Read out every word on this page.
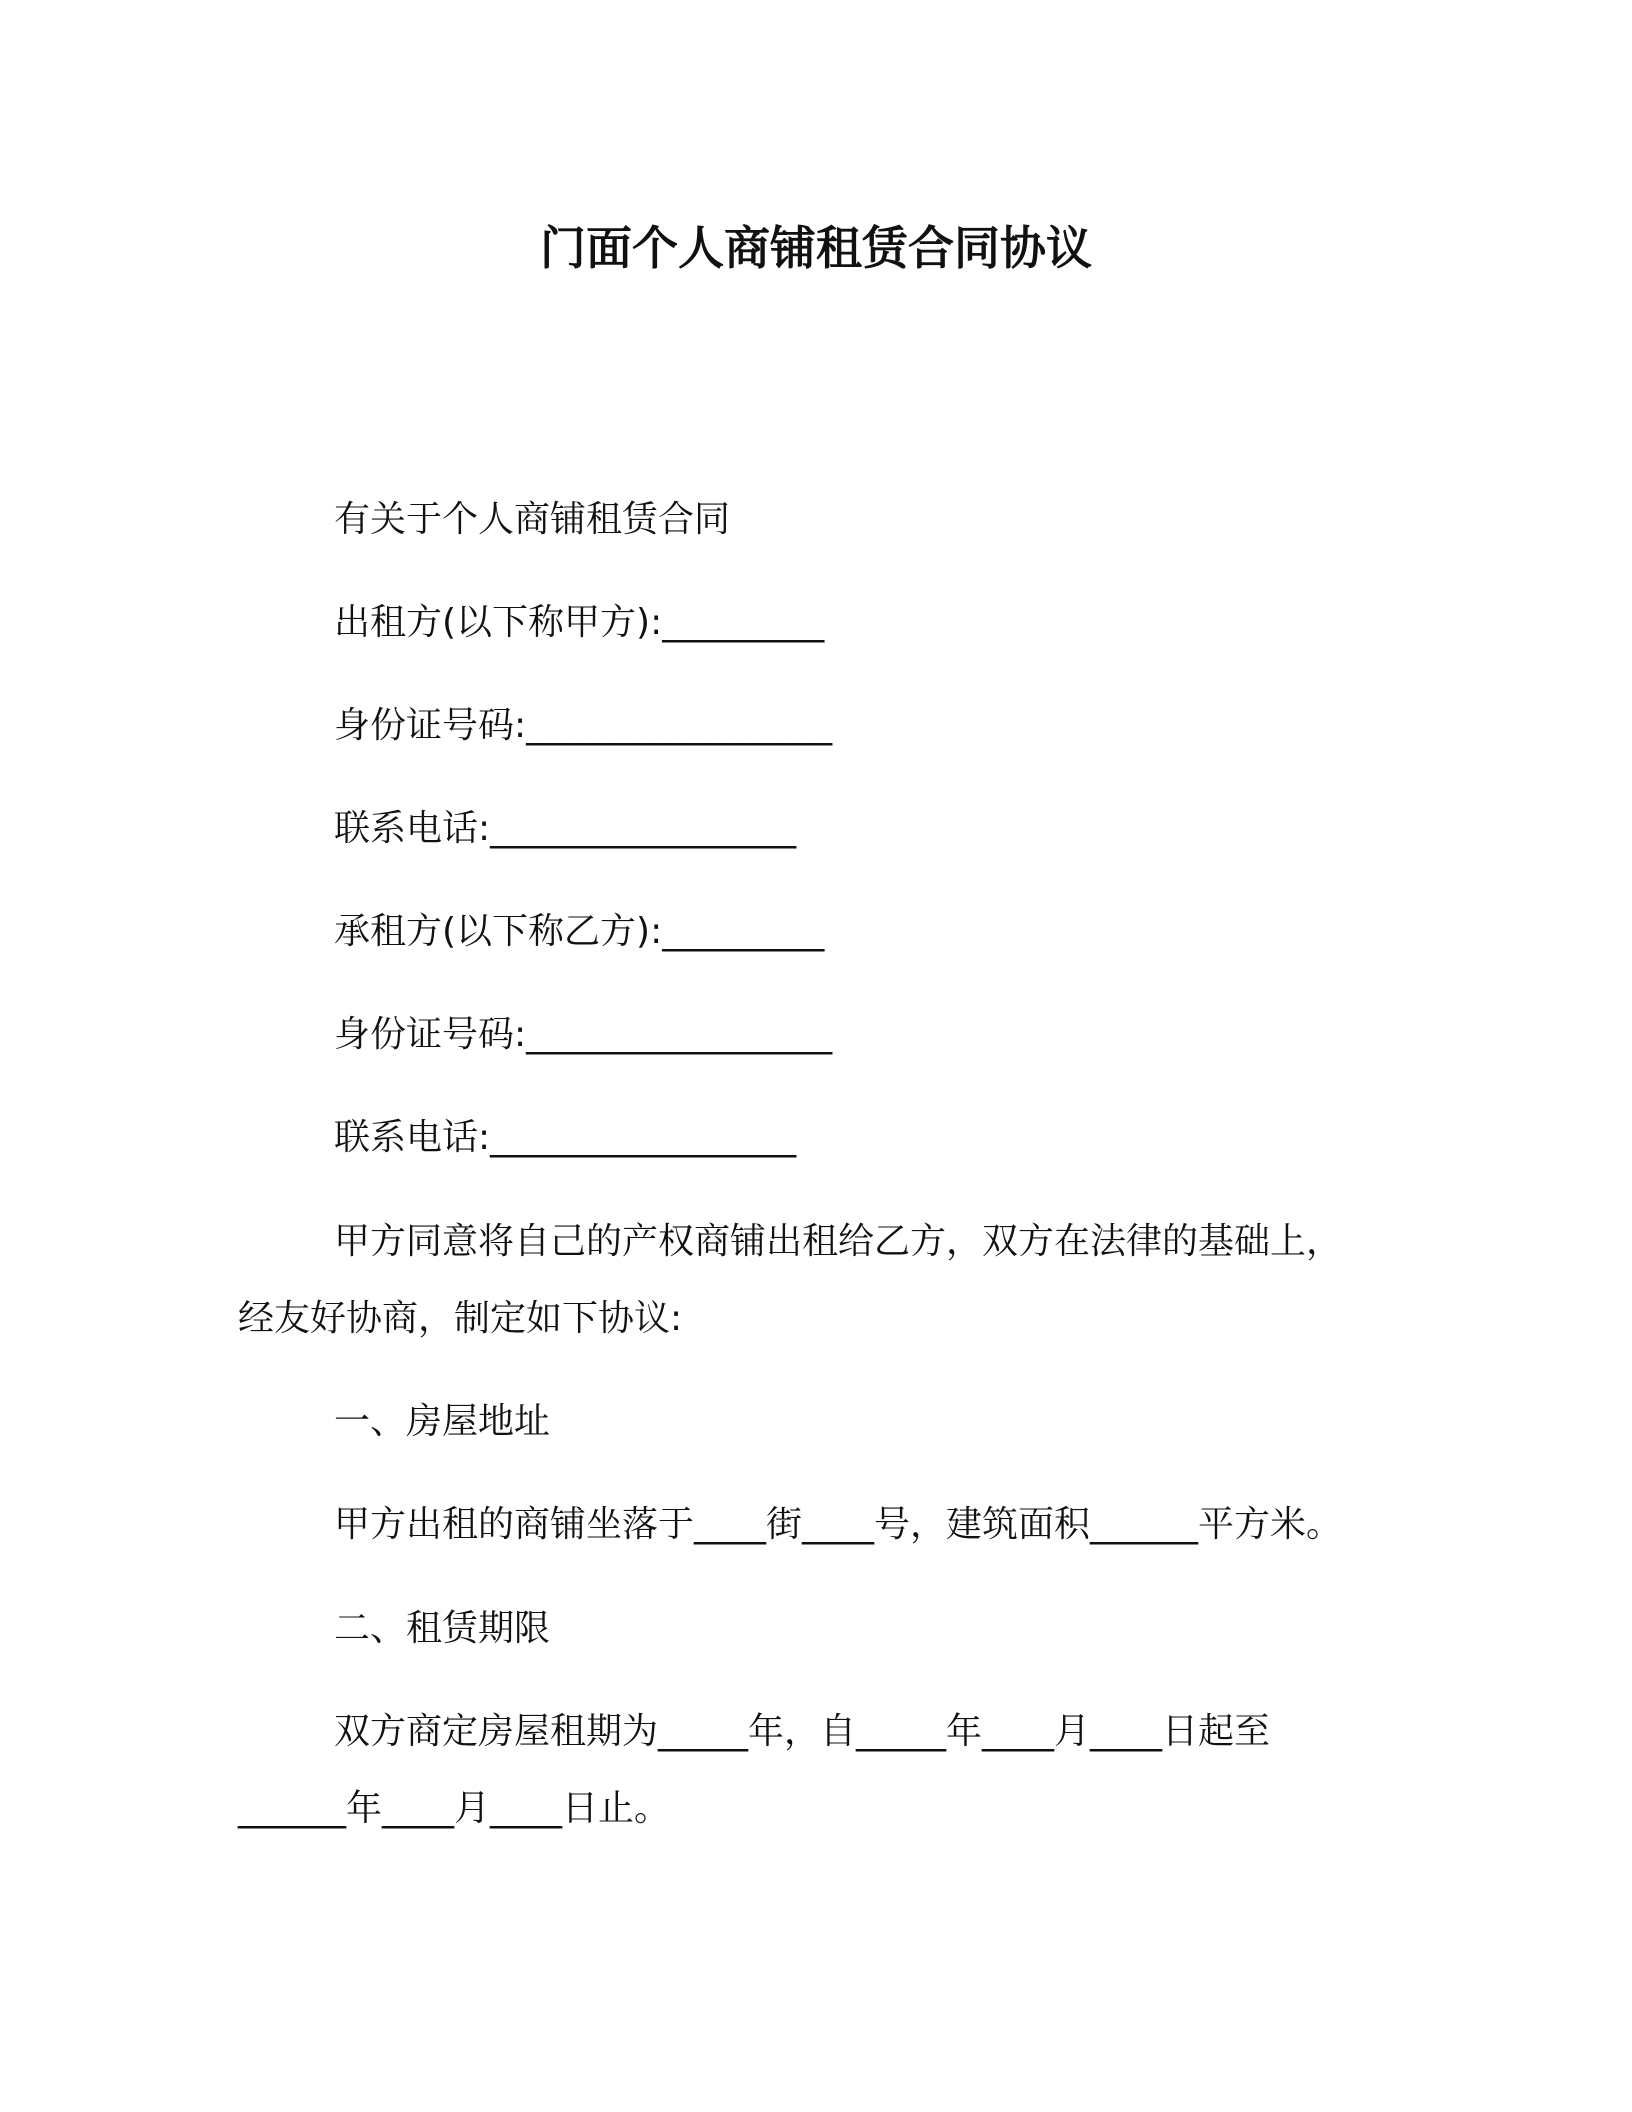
门面个人商铺租赁合同协议
有关于个人商铺租赁合同
出租方(以下称甲方):_________
身份证号码:_________________
联系电话:_________________
承租方(以下称乙方):_________
身份证号码:_________________
联系电话:_________________
甲方同意将自己的产权商铺出租给乙方，双方在法律的基础上，
经友好协商，制定如下协议:
一、房屋地址
甲方出租的商铺坐落于____街____号，建筑面积______平方米。
二、租赁期限
双方商定房屋租期为_____年，自_____年____月____日起至
______年____月____日止。
